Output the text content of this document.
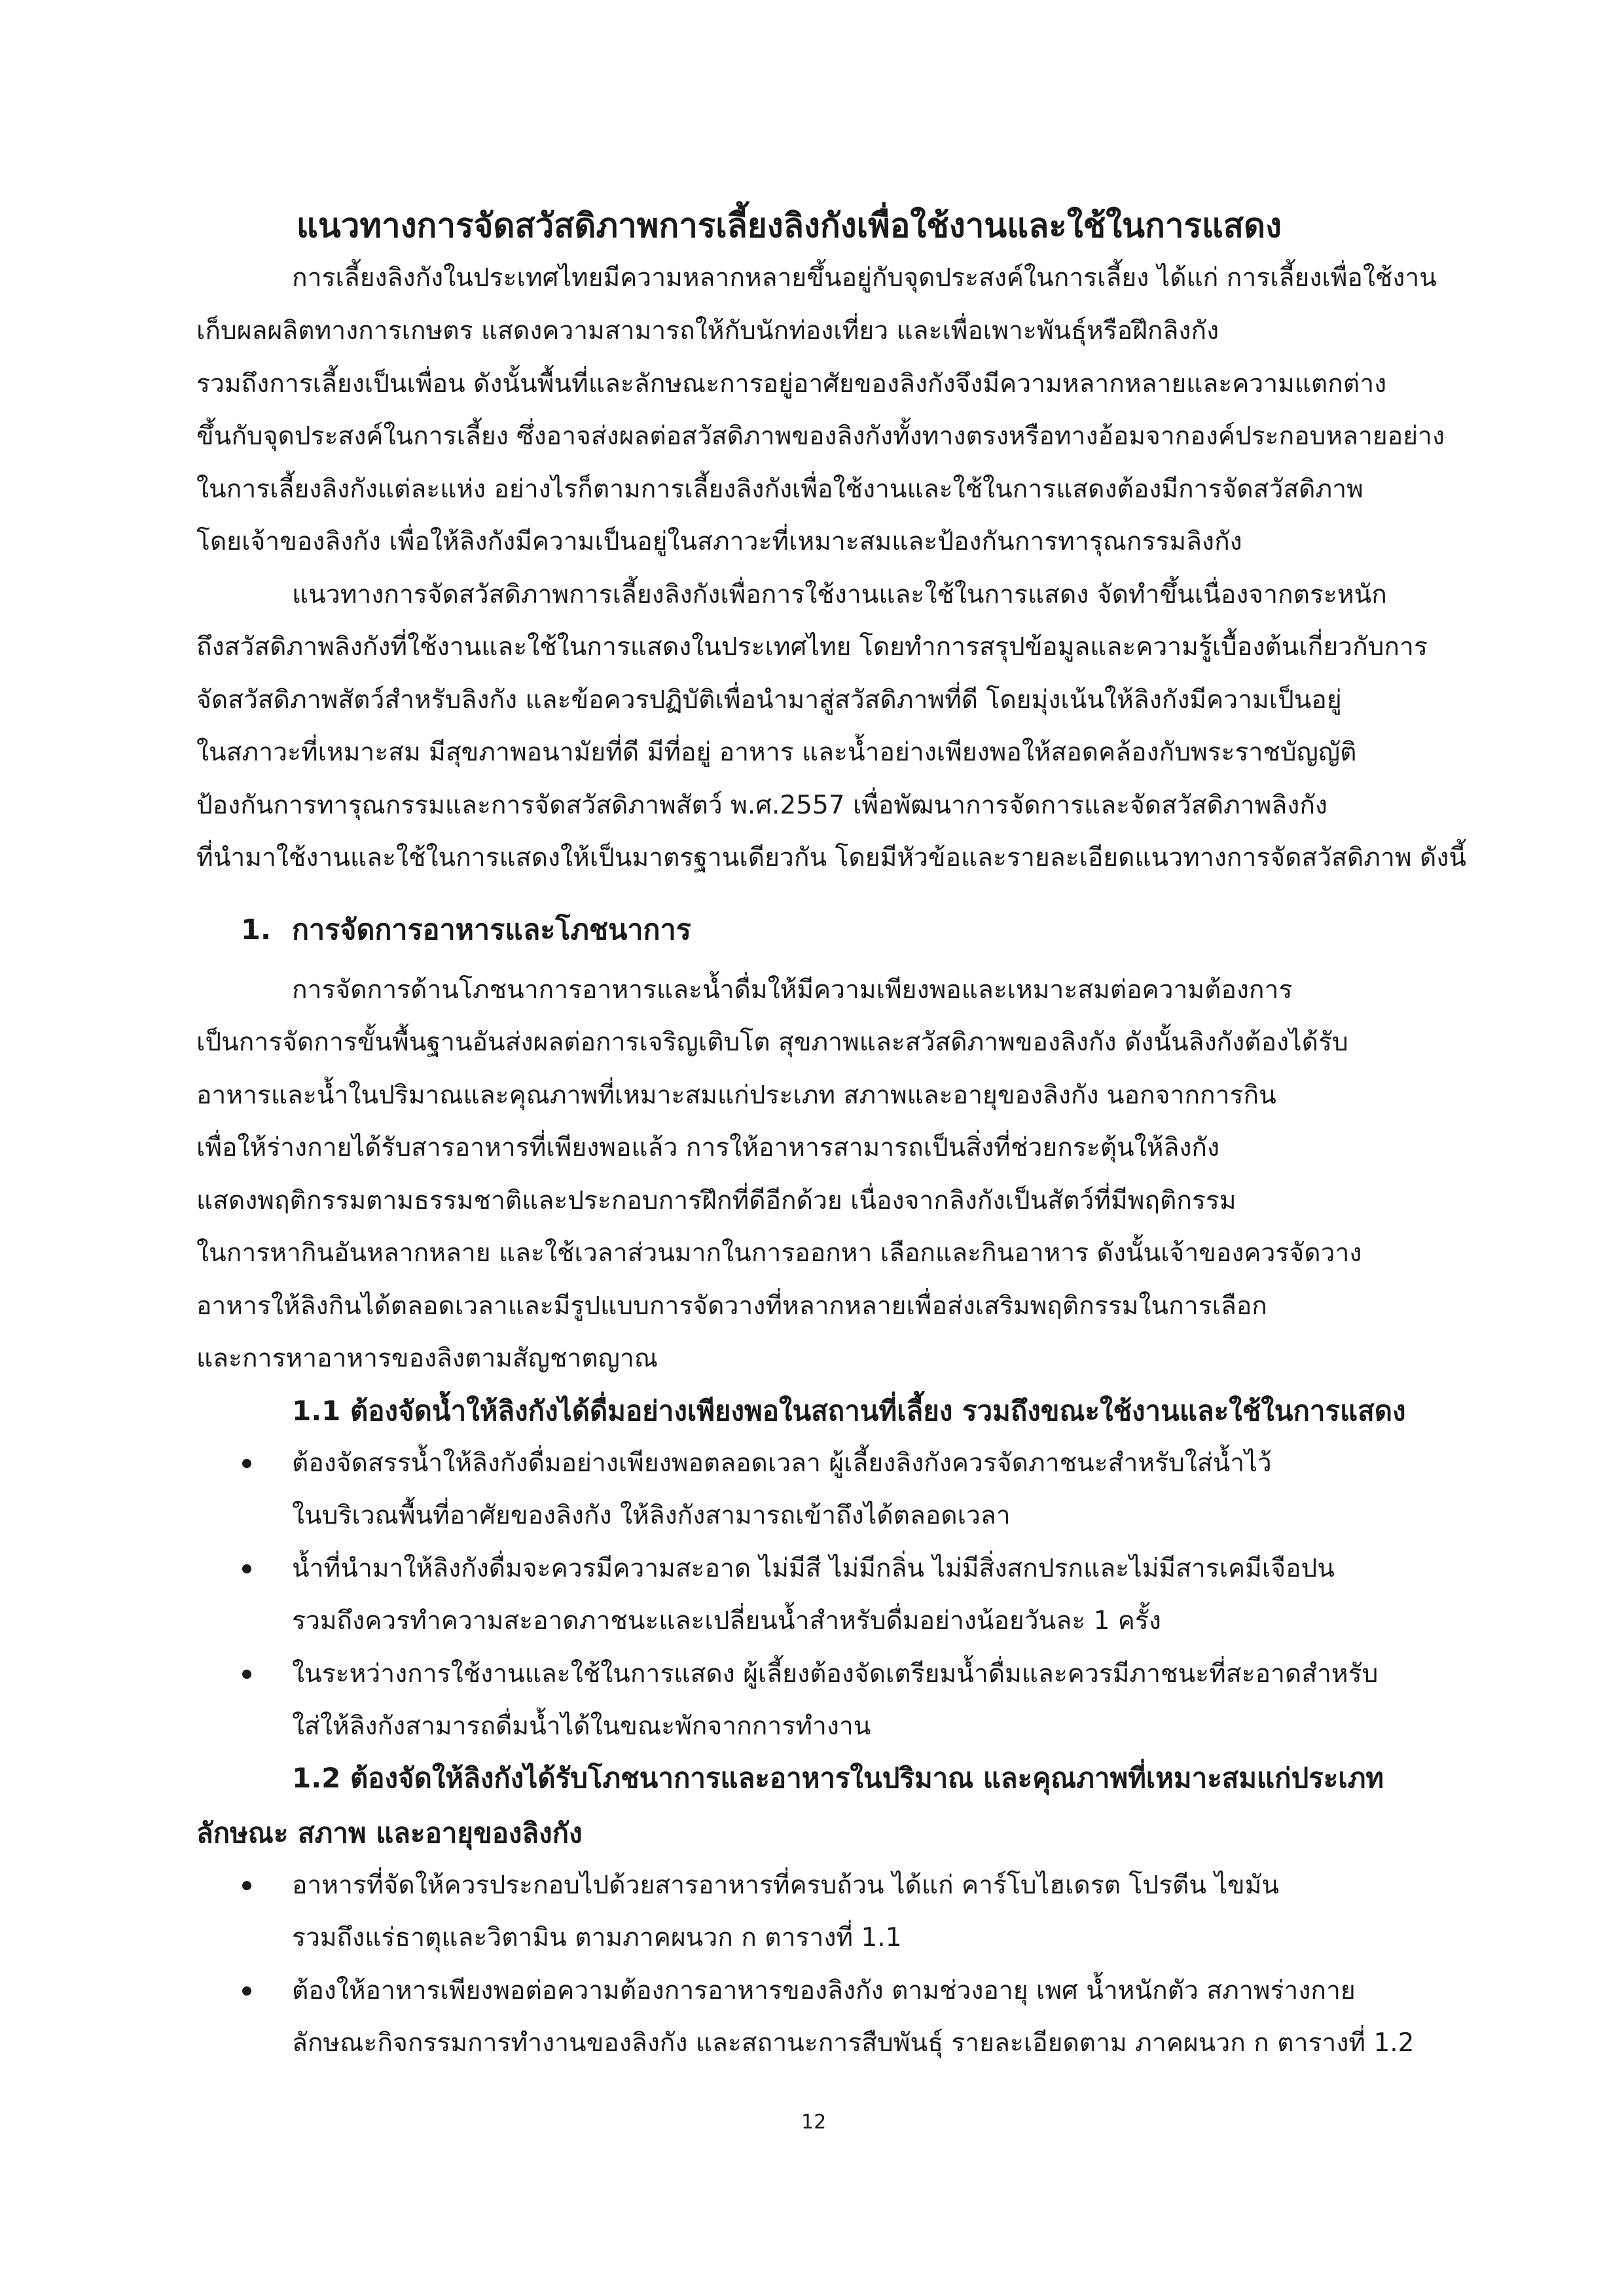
แนวทางการจัดสวัสดิภาพการเลี้ยงลิงกังเพื่อใช้งานและใช้ในการแสดง

การเลี้ยงลิงกังในประเทศไทยมีความหลากหลายขึ้นอยู่กับจุดประสงค์ในการเลี้ยง ได้แก่ การเลี้ยงเพื่อใช้งาน

เก็บผลผลิตทางการเกษตร แสดงความสามารถให้กับนักท่องเที่ยว และเพื่อเพาะพันธุ์หรือฝึกลิงกัง

รวมถึงการเลี้ยงเป็นเพื่อน ดังนั้นพื้นที่และลักษณะการอยู่อาศัยของลิงกังจึงมีความหลากหลายและความแตกต่าง

ขึ้นกับจุดประสงค์ในการเลี้ยง ซึ่งอาจส่งผลต่อสวัสดิภาพของลิงกังทั้งทางตรงหรือทางอ้อมจากองค์ประกอบหลายอย่าง

ในการเลี้ยงลิงกังแต่ละแห่ง อย่างไรก็ตามการเลี้ยงลิงกังเพื่อใช้งานและใช้ในการแสดงต้องมีการจัดสวัสดิภาพ

โดยเจ้าของลิงกัง เพื่อให้ลิงกังมีความเป็นอยู่ในสภาวะที่เหมาะสมและป้องกันการทารุณกรรมลิงกัง

แนวทางการจัดสวัสดิภาพการเลี้ยงลิงกังเพื่อการใช้งานและใช้ในการแสดง จัดทำขึ้นเนื่องจากตระหนัก

ถึงสวัสดิภาพลิงกังที่ใช้งานและใช้ในการแสดงในประเทศไทย โดยทำการสรุปข้อมูลและความรู้เบื้องต้นเกี่ยวกับการ

จัดสวัสดิภาพสัตว์สำหรับลิงกัง และข้อควรปฏิบัติเพื่อนำมาสู่สวัสดิภาพที่ดี โดยมุ่งเน้นให้ลิงกังมีความเป็นอยู่

ในสภาวะที่เหมาะสม มีสุขภาพอนามัยที่ดี มีที่อยู่ อาหาร และน้ำอย่างเพียงพอให้สอดคล้องกับพระราชบัญญัติ

ป้องกันการทารุณกรรมและการจัดสวัสดิภาพสัตว์ พ.ศ.2557 เพื่อพัฒนาการจัดการและจัดสวัสดิภาพลิงกัง

ที่นำมาใช้งานและใช้ในการแสดงให้เป็นมาตรฐานเดียวกัน โดยมีหัวข้อและรายละเอียดแนวทางการจัดสวัสดิภาพ ดังนี้

1. การจัดการอาหารและโภชนาการ

การจัดการด้านโภชนาการอาหารและน้ำดื่มให้มีความเพียงพอและเหมาะสมต่อความต้องการ

เป็นการจัดการขั้นพื้นฐานอันส่งผลต่อการเจริญเติบโต สุขภาพและสวัสดิภาพของลิงกัง ดังนั้นลิงกังต้องได้รับ

อาหารและน้ำในปริมาณและคุณภาพที่เหมาะสมแก่ประเภท สภาพและอายุของลิงกัง นอกจากการกิน

เพื่อให้ร่างกายได้รับสารอาหารที่เพียงพอแล้ว การให้อาหารสามารถเป็นสิ่งที่ช่วยกระตุ้นให้ลิงกัง

แสดงพฤติกรรมตามธรรมชาติและประกอบการฝึกที่ดีอีกด้วย เนื่องจากลิงกังเป็นสัตว์ที่มีพฤติกรรม

ในการหากินอันหลากหลาย และใช้เวลาส่วนมากในการออกหา เลือกและกินอาหาร ดังนั้นเจ้าของควรจัดวาง

อาหารให้ลิงกินได้ตลอดเวลาและมีรูปแบบการจัดวางที่หลากหลายเพื่อส่งเสริมพฤติกรรมในการเลือก

และการหาอาหารของลิงตามสัญชาตญาณ

1.1 ต้องจัดน้ำให้ลิงกังได้ดื่มอย่างเพียงพอในสถานที่เลี้ยง รวมถึงขณะใช้งานและใช้ในการแสดง

ต้องจัดสรรน้ำให้ลิงกังดื่มอย่างเพียงพอตลอดเวลา ผู้เลี้ยงลิงกังควรจัดภาชนะสำหรับใส่น้ำไว้

ในบริเวณพื้นที่อาศัยของลิงกัง ให้ลิงกังสามารถเข้าถึงได้ตลอดเวลา

น้ำที่นำมาให้ลิงกังดื่มจะควรมีความสะอาด ไม่มีสี ไม่มีกลิ่น ไม่มีสิ่งสกปรกและไม่มีสารเคมีเจือปน

รวมถึงควรทำความสะอาดภาชนะและเปลี่ยนน้ำสำหรับดื่มอย่างน้อยวันละ 1 ครั้ง

ในระหว่างการใช้งานและใช้ในการแสดง ผู้เลี้ยงต้องจัดเตรียมน้ำดื่มและควรมีภาชนะที่สะอาดสำหรับ

ใส่ให้ลิงกังสามารถดื่มน้ำได้ในขณะพักจากการทำงาน

1.2 ต้องจัดให้ลิงกังได้รับโภชนาการและอาหารในปริมาณ และคุณภาพที่เหมาะสมแก่ประเภท

ลักษณะ สภาพ และอายุของลิงกัง

อาหารที่จัดให้ควรประกอบไปด้วยสารอาหารที่ครบถ้วน ได้แก่ คาร์โบไฮเดรต โปรตีน ไขมัน

รวมถึงแร่ธาตุและวิตามิน ตามภาคผนวก ก ตารางที่ 1.1

ต้องให้อาหารเพียงพอต่อความต้องการอาหารของลิงกัง ตามช่วงอายุ เพศ น้ำหนักตัว สภาพร่างกาย

ลักษณะกิจกรรมการทำงานของลิงกัง และสถานะการสืบพันธุ์ รายละเอียดตาม ภาคผนวก ก ตารางที่ 1.2

12
